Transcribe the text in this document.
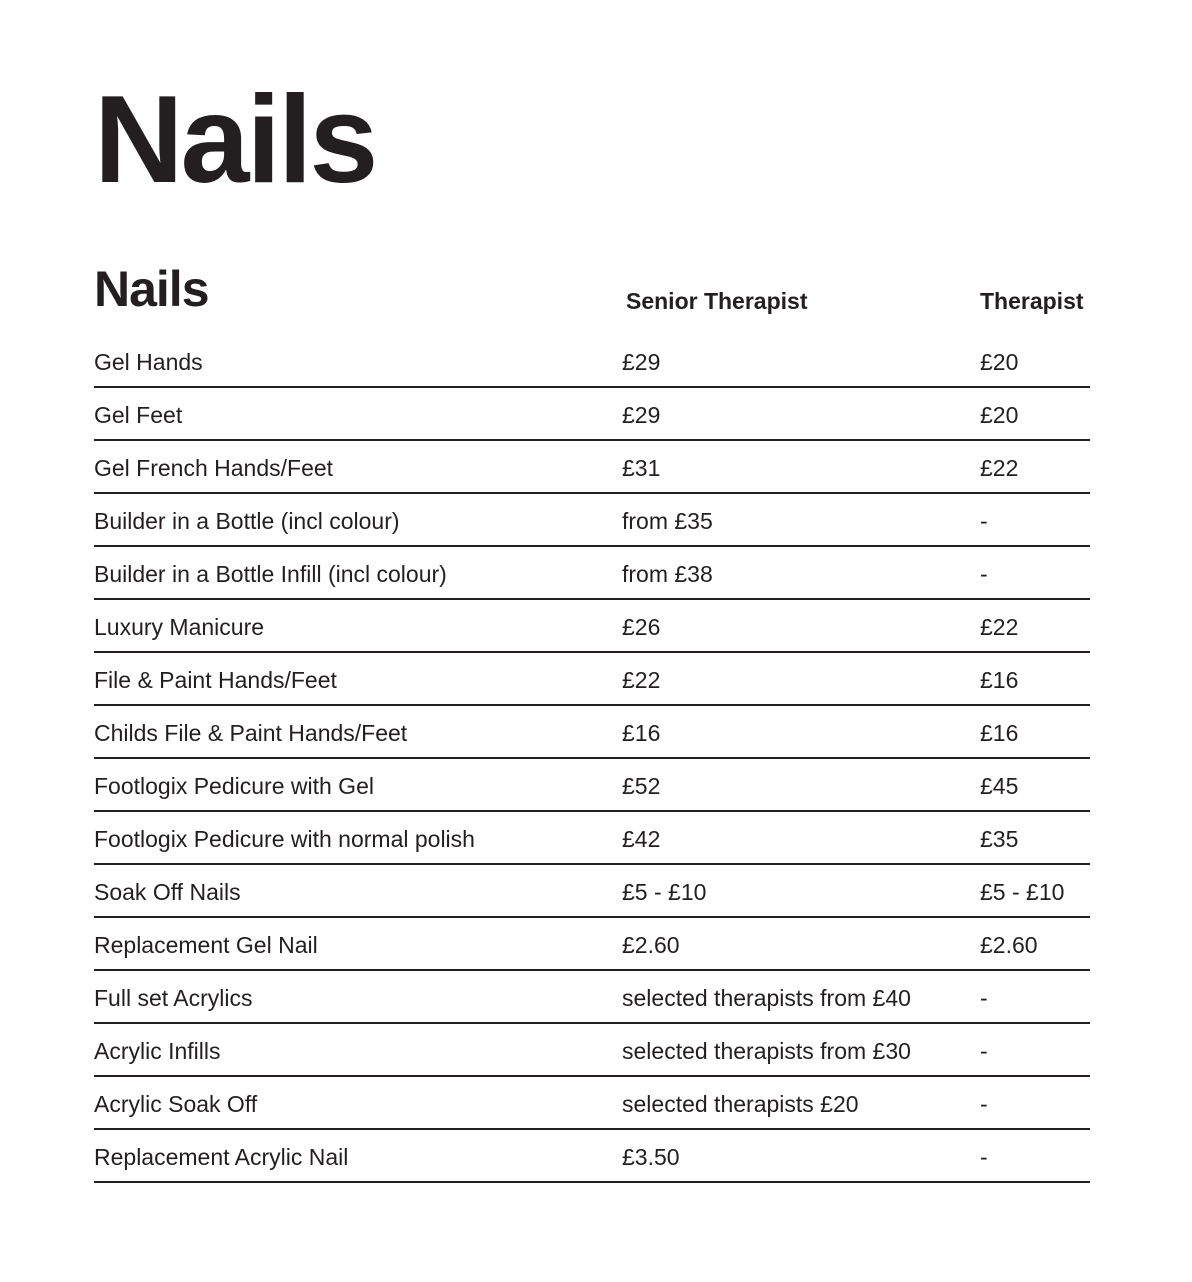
Nails
Nails	Senior Therapist	Therapist
Gel Hands	£29	£20
Gel Feet	£29	£20
Gel French Hands/Feet	£31	£22
Builder in a Bottle (incl colour)	from £35	-
Builder in a Bottle Infill (incl colour)	from £38	-
Luxury Manicure	£26	£22
File & Paint Hands/Feet	£22	£16
Childs File & Paint Hands/Feet	£16	£16
Footlogix Pedicure with Gel	£52	£45
Footlogix Pedicure with normal polish	£42	£35
Soak Off Nails	£5 - £10	£5 - £10
Replacement Gel Nail	£2.60	£2.60
Full set Acrylics	selected therapists from £40	-
Acrylic Infills	selected therapists from £30	-
Acrylic Soak Off	selected therapists £20	-
Replacement Acrylic Nail	£3.50	-
